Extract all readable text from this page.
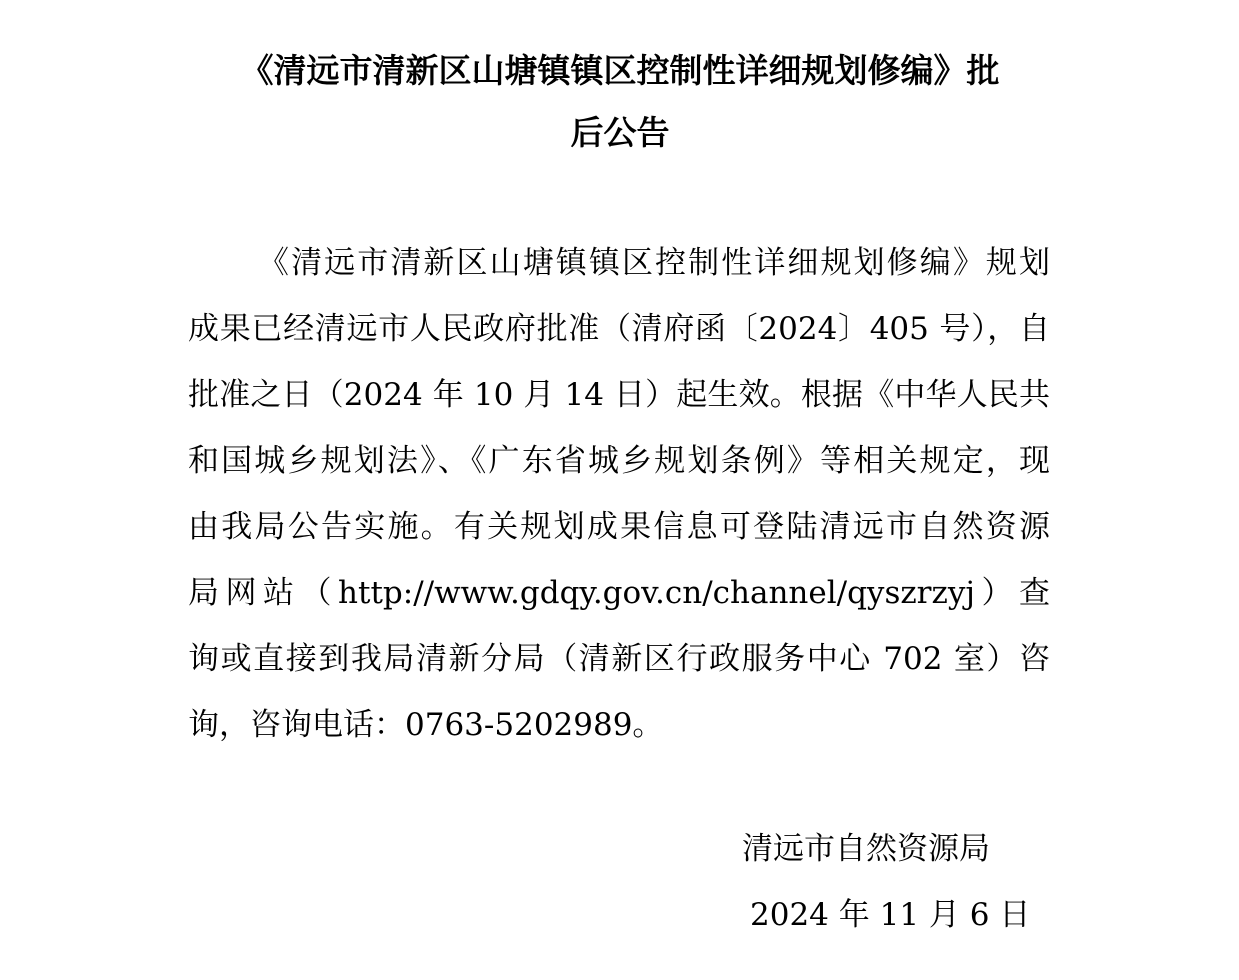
《清远市清新区山塘镇镇区控制性详细规划修编》批
后公告
《清远市清新区山塘镇镇区控制性详细规划修编》规划
成果已经清远市人民政府批准（清府函〔2024〕405 号），自
批准之日（2024 年 10 月 14 日）起生效。根据《中华人民共
和国城乡规划法》、《广东省城乡规划条例》等相关规定，现
由我局公告实施。有关规划成果信息可登陆清远市自然资源
局网站（http://www.gdqy.gov.cn/channel/qyszrzyj）查
询或直接到我局清新分局（清新区行政服务中心 702 室）咨
询，咨询电话：0763-5202989。
清远市自然资源局
2024 年 11 月 6 日
